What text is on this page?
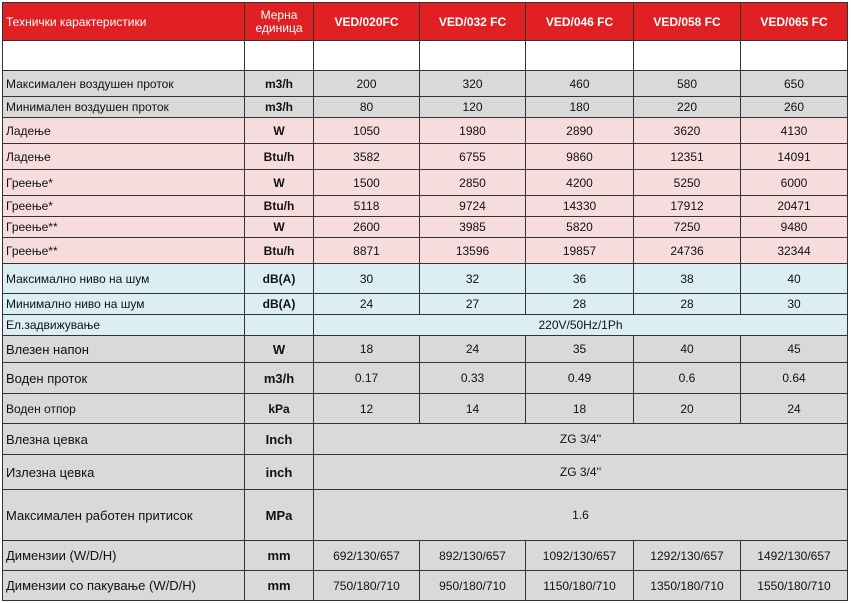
Технички карактеристики	Мерна единица	VED/020FC	VED/032 FC	VED/046 FC	VED/058 FC	VED/065 FC

Максимален воздушен проток	m3/h	200	320	460	580	650
Минимален воздушен проток	m3/h	80	120	180	220	260
Ладење	W	1050	1980	2890	3620	4130
Ладење	Btu/h	3582	6755	9860	12351	14091
Греење*	W	1500	2850	4200	5250	6000
Греење*	Btu/h	5118	9724	14330	17912	20471
Греење**	W	2600	3985	5820	7250	9480
Греење**	Btu/h	8871	13596	19857	24736	32344
Максимално ниво на шум	dB(A)	30	32	36	38	40
Минимално ниво на шум	dB(A)	24	27	28	28	30
Ел.задвижување		220V/50Hz/1Ph				
Влезен напон	W	18	24	35	40	45
Воден проток	m3/h	0.17	0.33	0.49	0.6	0.64
Воден отпор	kPa	12	14	18	20	24
Влезна цевка	Inch	ZG 3/4''				
Излезна цевка	inch	ZG 3/4''				
Максимален работен притисок	MPa	1.6				
Димензии (W/D/H)	mm	692/130/657	892/130/657	1092/130/657	1292/130/657	1492/130/657
Димензии со пакување (W/D/H)	mm	750/180/710	950/180/710	1150/180/710	1350/180/710	1550/180/710
